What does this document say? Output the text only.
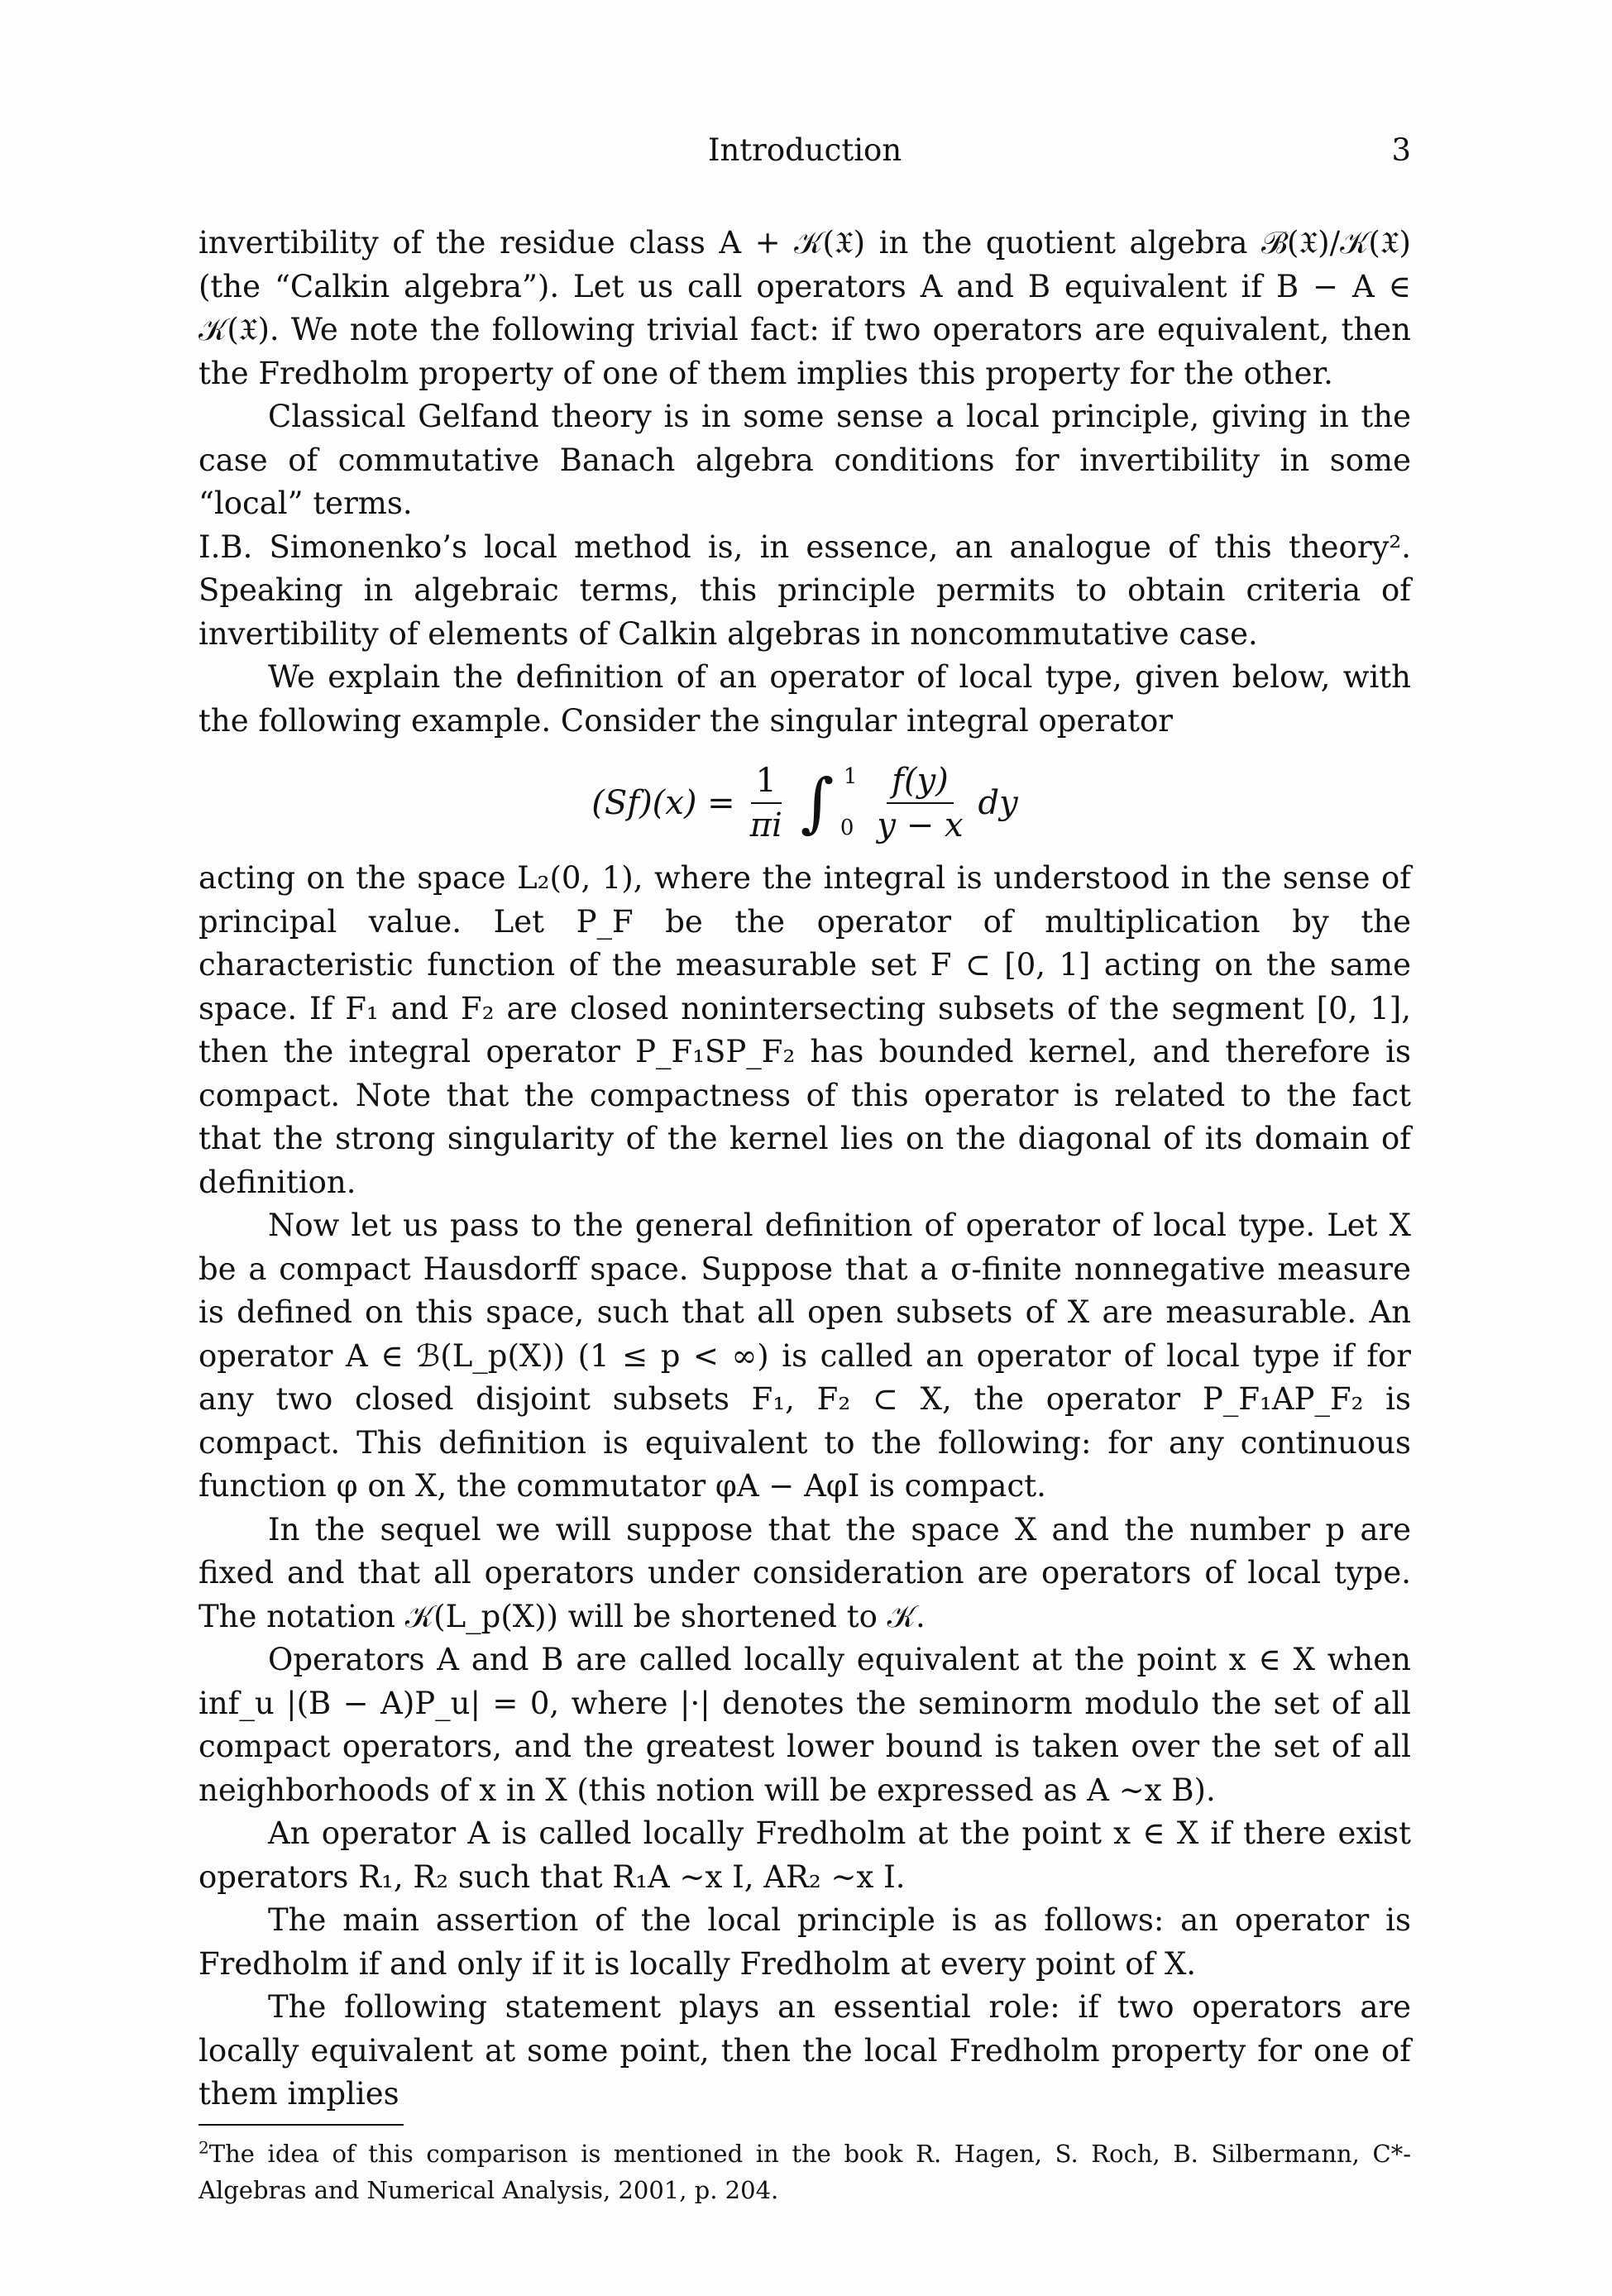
Introduction	3

invertibility of the residue class A + 𝒦(𝔛) in the quotient algebra ℬ(𝔛)/𝒦(𝔛) (the “Calkin algebra”). Let us call operators A and B equivalent if B − A ∈ 𝒦(𝔛). We note the following trivial fact: if two operators are equivalent, then the Fredholm property of one of them implies this property for the other.

Classical Gelfand theory is in some sense a local principle, giving in the case of commutative Banach algebra conditions for invertibility in some “local” terms.

I.B. Simonenko’s local method is, in essence, an analogue of this theory². Speaking in algebraic terms, this principle permits to obtain criteria of invertibility of elements of Calkin algebras in noncommutative case.

We explain the definition of an operator of local type, given below, with the following example. Consider the singular integral operator

$(Sf)(x) = \frac{1}{\pi i}$ ∫ 1
$0 \frac{f(y)}{y - x}$ dy

acting on the space L₂(0, 1), where the integral is understood in the sense of principal value. Let P_F be the operator of multiplication by the characteristic function of the measurable set F ⊂ [0, 1] acting on the same space. If F₁ and F₂ are closed nonintersecting subsets of the segment [0, 1], then the integral operator P_F₁SP_F₂ has bounded kernel, and therefore is compact. Note that the compactness of this operator is related to the fact that the strong singularity of the kernel lies on the diagonal of its domain of definition.

Now let us pass to the general definition of operator of local type. Let X be a compact Hausdorff space. Suppose that a σ-finite nonnegative measure is defined on this space, such that all open subsets of X are measurable. An operator A ∈ ℬ(L_p(X)) (1 ≤ p < ∞) is called an operator of local type if for any two closed disjoint subsets F₁, F₂ ⊂ X, the operator P_F₁AP_F₂ is compact. This definition is equivalent to the following: for any continuous function φ on X, the commutator φA − AφI is compact.

In the sequel we will suppose that the space X and the number p are fixed and that all operators under consideration are operators of local type. The notation 𝒦(L_p(X)) will be shortened to 𝒦.

Operators A and B are called locally equivalent at the point x ∈ X when inf_u |(B − A)P_u| = 0, where |·| denotes the seminorm modulo the set of all compact operators, and the greatest lower bound is taken over the set of all neighborhoods of x in X (this notion will be expressed as A ~x B).

An operator A is called locally Fredholm at the point x ∈ X if there exist operators R₁, R₂ such that R₁A ~x I, AR₂ ~x I.

The main assertion of the local principle is as follows: an operator is Fredholm if and only if it is locally Fredholm at every point of X.

The following statement plays an essential role: if two operators are locally equivalent at some point, then the local Fredholm property for one of them implies

$^2$The idea of this comparison is mentioned in the book R. Hagen, S. Roch, B. Silbermann, C*-Algebras and Numerical Analysis, 2001, p. 204.
